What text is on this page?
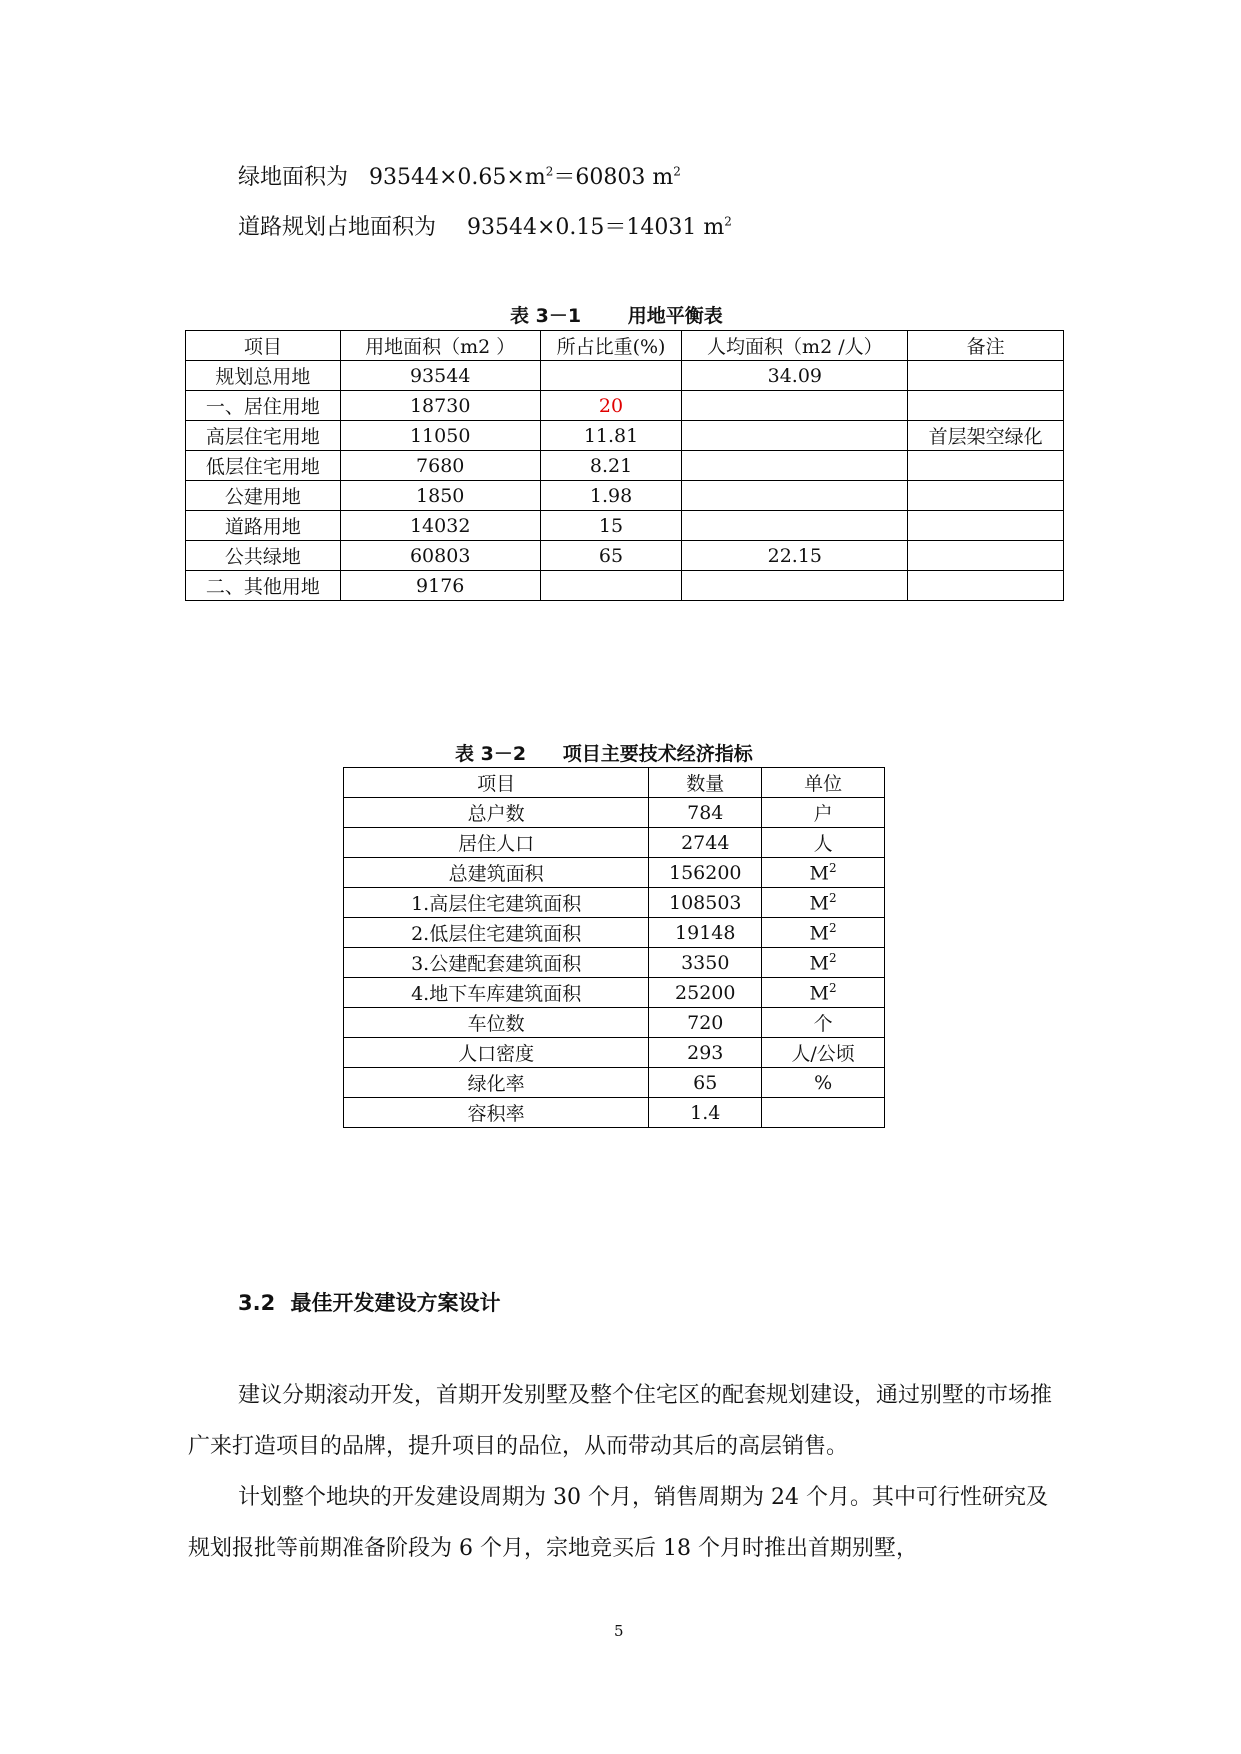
绿地面积为 $93544\times 0.65\times m^2=60803$ $m^2$
道路规划占地面积为 93544×0.15＝14031 $m^2$
表 3－1 用地平衡表
项目	用地面积（m2 ）	所占比重(%)	人均面积（m2 /人）	备注
规划总用地	93544		34.09	
一、居住用地	18730	20		
高层住宅用地	11050	11.81		首层架空绿化
低层住宅用地	7680	8.21		
公建用地	1850	1.98		
道路用地	14032	15		
公共绿地	60803	65	22.15	
二、其他用地	9176			
表 3－2 项目主要技术经济指标
项目	数量	单位
总户数	784	户
居住人口	2744	人
总建筑面积	156200	$M^2$
1.高层住宅建筑面积	108503	$M^2$
2.低层住宅建筑面积	19148	$M^2$
3.公建配套建筑面积	3350	$M^2$
4.地下车库建筑面积	25200	$M^2$
车位数	720	个
人口密度	293	人/公顷
绿化率	65	%
容积率	1.4	
3.2 最佳开发建设方案设计
建议分期滚动开发，首期开发别墅及整个住宅区的配套规划建设，通过别墅的市场推广来打造项目的品牌，提升项目的品位，从而带动其后的高层销售。
计划整个地块的开发建设周期为 30 个月，销售周期为 24 个月。其中可行性研究及规划报批等前期准备阶段为 6 个月，宗地竞买后 18 个月时推出首期别墅，
5
